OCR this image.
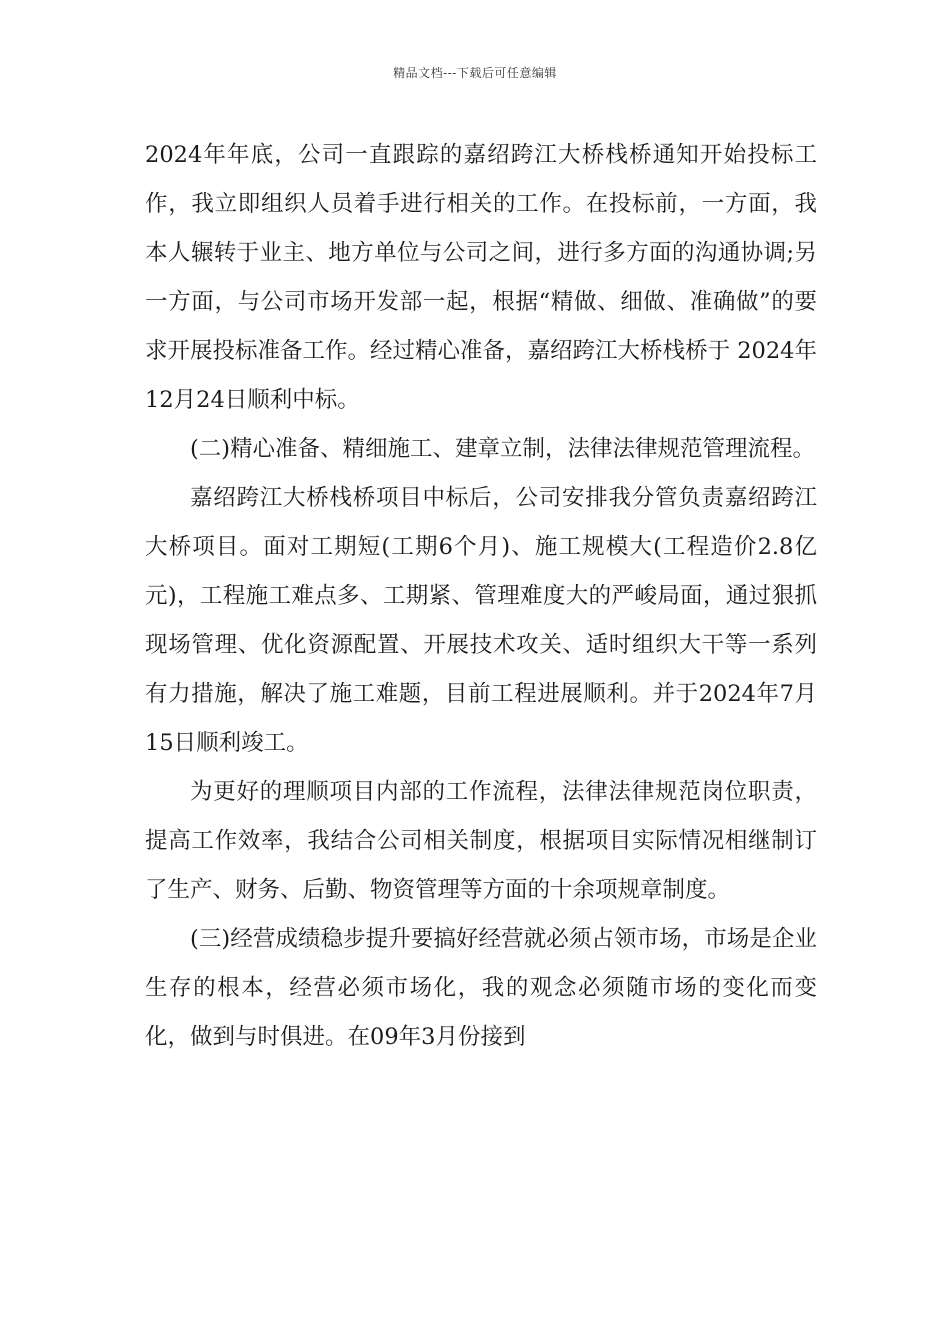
精品文档---下载后可任意编辑

2024年年底，公司一直跟踪的嘉绍跨江大桥栈桥通知开始投标工作，我立即组织人员着手进行相关的工作。在投标前，一方面，我本人辗转于业主、地方单位与公司之间，进行多方面的沟通协调;另一方面，与公司市场开发部一起，根据“精做、细做、准确做”的要求开展投标准备工作。经过精心准备，嘉绍跨江大桥栈桥于 2024年12月24日顺利中标。

(二)精心准备、精细施工、建章立制，法律法律规范管理流程。

嘉绍跨江大桥栈桥项目中标后，公司安排我分管负责嘉绍跨江大桥项目。面对工期短(工期6个月)、施工规模大(工程造价2.8亿元)，工程施工难点多、工期紧、管理难度大的严峻局面，通过狠抓现场管理、优化资源配置、开展技术攻关、适时组织大干等一系列有力措施，解决了施工难题，目前工程进展顺利。并于2024年7月15日顺利竣工。

为更好的理顺项目内部的工作流程，法律法律规范岗位职责，提高工作效率，我结合公司相关制度，根据项目实际情况相继制订了生产、财务、后勤、物资管理等方面的十余项规章制度。

(三)经营成绩稳步提升要搞好经营就必须占领市场，市场是企业生存的根本，经营必须市场化，我的观念必须随市场的变化而变化，做到与时俱进。在09年3月份接到
